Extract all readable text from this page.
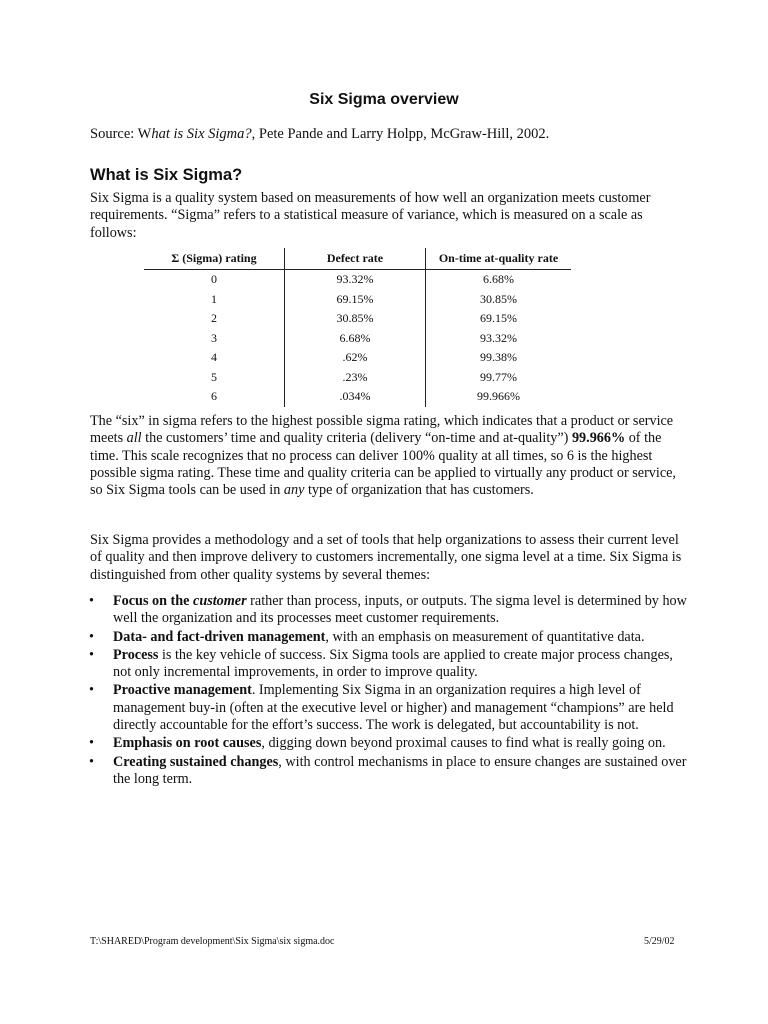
Six Sigma overview
Source: What is Six Sigma?, Pete Pande and Larry Holpp, McGraw-Hill, 2002.
What is Six Sigma?

Six Sigma is a quality system based on measurements of how well an organization meets customer requirements. “Sigma” refers to a statistical measure of variance, which is measured on a scale as follows:

Σ (Sigma) rating	Defect rate	On-time at-quality rate
0	93.32%	6.68%
1	69.15%	30.85%
2	30.85%	69.15%
3	6.68%	93.32%
4	.62%	99.38%
5	.23%	99.77%
6	.034%	99.966%

The “six” in sigma refers to the highest possible sigma rating, which indicates that a product or service meets all the customers’ time and quality criteria (delivery “on-time and at-quality”) 99.966% of the time. This scale recognizes that no process can deliver 100% quality at all times, so 6 is the highest possible sigma rating. These time and quality criteria can be applied to virtually any product or service, so Six Sigma tools can be used in any type of organization that has customers.

Six Sigma provides a methodology and a set of tools that help organizations to assess their current level of quality and then improve delivery to customers incrementally, one sigma level at a time. Six Sigma is distinguished from other quality systems by several themes:

• Focus on the customer rather than process, inputs, or outputs. The sigma level is determined by how well the organization and its processes meet customer requirements.
• Data- and fact-driven management, with an emphasis on measurement of quantitative data.
• Process is the key vehicle of success. Six Sigma tools are applied to create major process changes, not only incremental improvements, in order to improve quality.
• Proactive management. Implementing Six Sigma in an organization requires a high level of management buy-in (often at the executive level or higher) and management “champions” are held directly accountable for the effort’s success. The work is delegated, but accountability is not.
• Emphasis on root causes, digging down beyond proximal causes to find what is really going on.
• Creating sustained changes, with control mechanisms in place to ensure changes are sustained over the long term.
T:\SHARED\Program development\Six Sigma\six sigma.doc	5/29/02
